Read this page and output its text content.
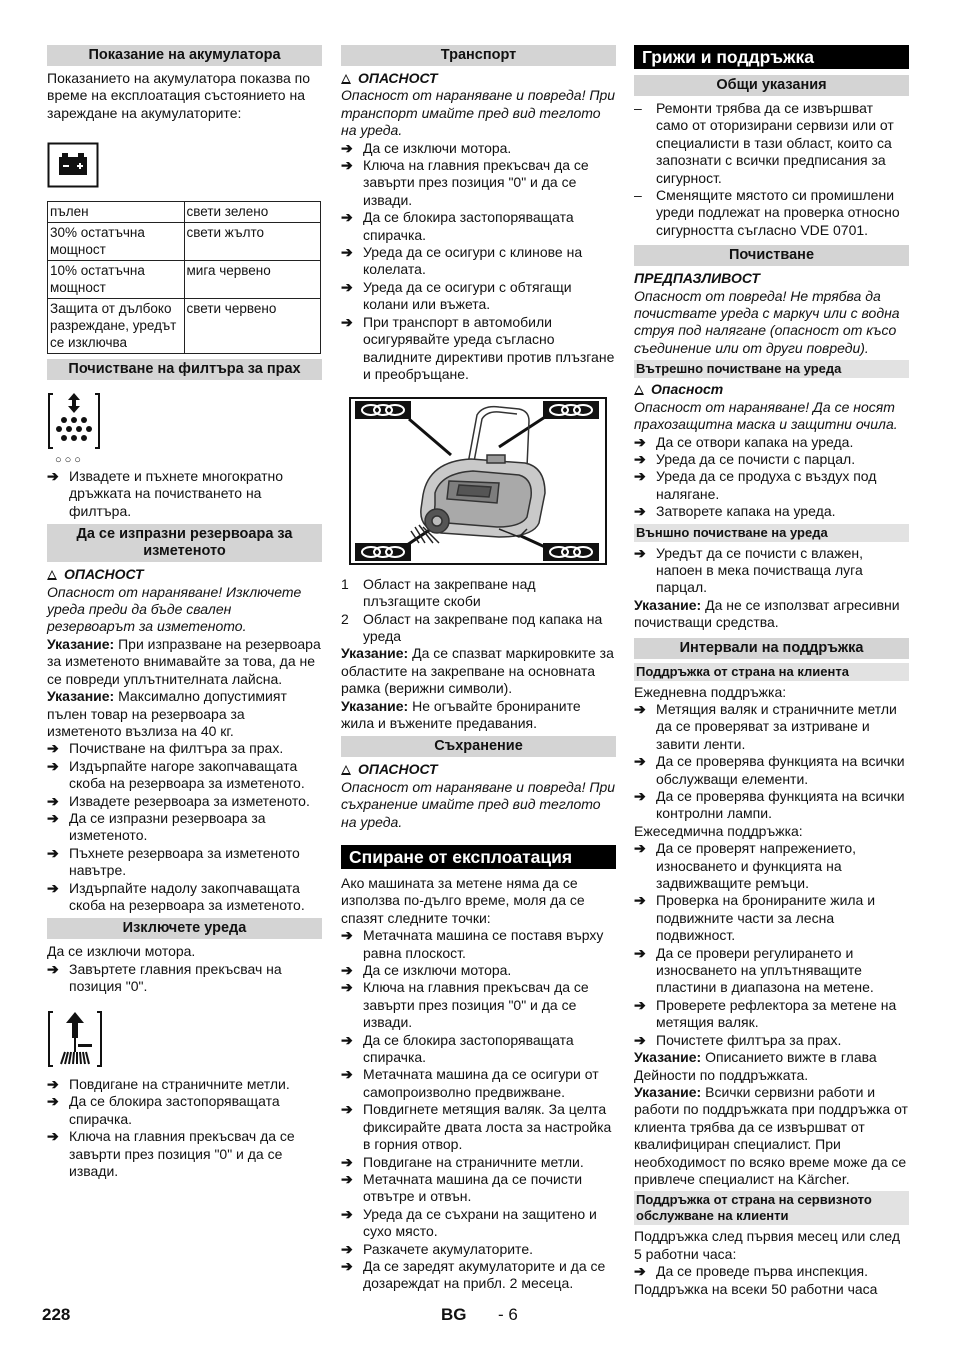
Показание на акумулатора

Показанието на акумулатора показва по време на експлоатация състоянието на зареждане на акумулаторите:

пълен	свети зелено
30% остатъчна мощност	свети жълто
10% остатъчна мощност	мига червено
Защита от дълбоко разреждане, уредът се изключва	свети червено
Почистване на филтъра за прах
○○○
➔ Извадете и пъхнете многократно дръжката на почистването на филтъра.
Да се изпразни резервоара за изметеното
ОПАСНОСТ

Опасност от нараняване! Изключете уреда преди да бъде свален резервоарът за изметеното.

Указание: При изпразване на резервоара за изметеното внимавайте за това, да не се повреди уплътнителната лайсна.

Указание: Максимално допустимият пълен товар на резервоара за изметеното възлиза на 40 кг.

➔ Почистване на филтъра за прах.
➔ Издърпайте нагоре закопчаващата скоба на резервоара за изметеното.
➔ Извадете резервоара за изметеното.
➔ Да се изпразни резервоара за изметеното.
➔ Пъхнете резервоара за изметеното навътре.
➔ Издърпайте надолу закопчаващата скоба на резервоара за изметеното.
Изключете уреда

Да се изключи мотора.

➔ Завъртете главния прекъсвач на позиция "0".
➔ Повдигане на страничните метли.
➔ Да се блокира застопоряващата спирачка.
➔ Ключа на главния прекъсвач да се завърти през позиция "0" и да се извади.
Транспорт
ОПАСНОСТ

Опасност от нараняване и повреда! При транспорт имайте пред вид теглото на уреда.

➔ Да се изключи мотора.
➔ Ключа на главния прекъсвач да се завърти през позиция "0" и да се извади.
➔ Да се блокира застопоряващата спирачка.
➔ Уреда да се осигури с клинове на колелата.
➔ Уреда да се осигури с обтягащи колани или въжета.
➔ При транспорт в автомобили осигурявайте уреда съгласно валидните директиви против плъзгане и преобръщане.
1	Област на закрепване над плъзгащите скоби
2	Област на закрепване под капака на уреда

Указание: Да се спазват маркировките за областите на закрепване на основната рамка (верижни символи).

Указание: Не огъвайте бронираните жила и въжените предавания.

Съхранение
ОПАСНОСТ

Опасност от нараняване и повреда! При съхранение имайте пред вид теглото на уреда.

Спиране от експлоатация

Ако машината за метене няма да се използва по-дълго време, моля да се спазят следните точки:

➔ Метачната машина се поставя върху равна плоскост.
➔ Да се изключи мотора.
➔ Ключа на главния прекъсвач да се завърти през позиция "0" и да се извади.
➔ Да се блокира застопоряващата спирачка.
➔ Метачната машина да се осигури от самопроизволно предвижване.
➔ Повдигнете метящия валяк. За целта фиксирайте двата лоста за настройка в горния отвор.
➔ Повдигане на страничните метли.
➔ Метачната машина да се почисти отвътре и отвън.
➔ Уреда да се съхрани на защитено и сухо място.
➔ Разкачете акумулаторите.
➔ Да се заредят акумулаторите и да се дозареждат на прибл. 2 месеца.
Грижи и поддръжка
Общи указания
–	Ремонти трябва да се извършват само от оторизирани сервизи или от специалисти в тази област, които са запознати с всички предписания за сигурност.
–	Сменящите мястото си промишлени уреди подлежат на проверка относно сигурността съгласно VDE 0701.
Почистване

ПРЕДПАЗЛИВОСТ

Опасност от повреда! Не трябва да почиствате уреда с маркуч или с водна струя под налягане (опасност от късо съединение или от други повреди).

Вътрешно почистване на уреда
Опасност

Опасност от нараняване! Да се носят прахозащитна маска и защитни очила.

➔ Да се отвори капака на уреда.
➔ Уреда да се почисти с парцал.
➔ Уреда да се продуха с въздух под налягане.
➔ Затворете капака на уреда.
Външно почистване на уреда
➔ Уредът да се почисти с влажен, напоен в мека почистваща луга парцал.

Указание: Да не се използват агресивни почистващи средства.

Интервали на поддръжка
Поддръжка от страна на клиента

Ежедневна поддръжка:

➔ Метящия валяк и страничните метли да се проверяват за изтриване и завити ленти.
➔ Да се проверява функцията на всички обслужващи елементи.
➔ Да се проверява функцията на всички контролни лампи.

Ежеседмична поддръжка:

➔ Да се проверят напрежението, износването и функцията на задвижващите ремъци.
➔ Проверка на бронираните жила и подвижните части за лесна подвижност.
➔ Да се провери регулирането и износването на уплътняващите пластини в диапазона на метене.
➔ Проверете рефлектора за метене на метящия валяк.
➔ Почистете филтъра за прах.

Указание: Описанието вижте в глава Дейности по поддръжката.

Указание: Всички сервизни работи и работи по поддръжката при поддръжка от клиента трябва да се извършват от квалифициран специалист. При необходимост по всяко време може да се привлече специалист на Kärcher.

Поддръжка от страна на сервизното обслужване на клиенти

Поддръжка след първия месец или след 5 работни часа:

➔ Да се проведе първа инспекция.

Поддръжка на всеки 50 работни часа

228	BG - 6
